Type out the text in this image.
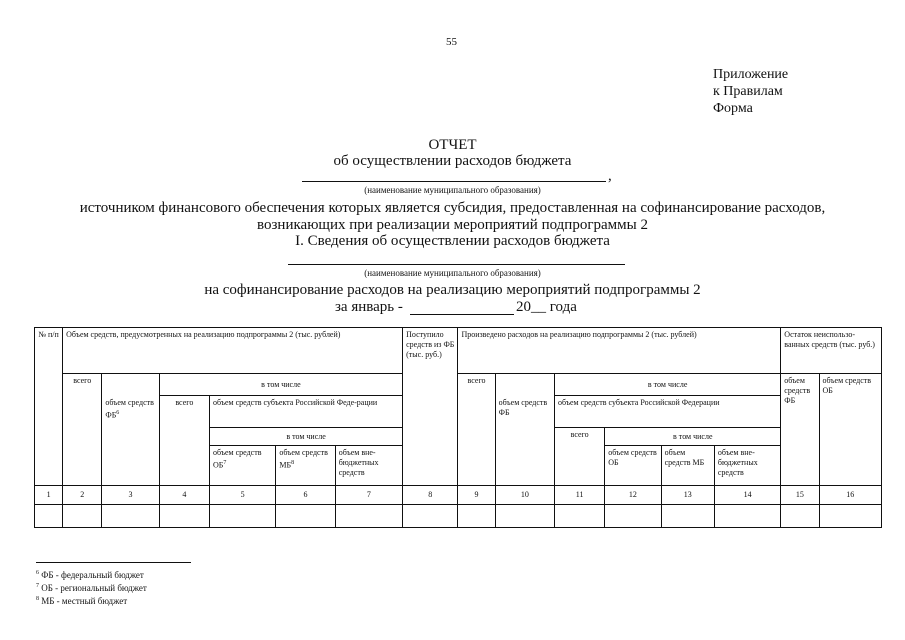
55
Приложение
к Правилам
Форма
ОТЧЕТ
об осуществлении расходов бюджета
,
(наименование муниципального образования)
источником финансового обеспечения которых является субсидия, предоставленная на софинансирование расходов,
возникающих при реализации мероприятий подпрограммы 2
I. Сведения об осуществлении расходов бюджета
(наименование муниципального образования)
на софинансирование расходов на реализацию мероприятий подпрограммы 2
за январь -	20__ года
№ п/п	Объем средств, предусмотренных на реализацию подпрограммы 2 (тыс. рублей)						Поступило средств из ФБ (тыс. руб.)	Произведено расходов на реализацию подпрограммы 2 (тыс. рублей)						Остаток неиспользо-ванных средств (тыс. руб.)	
	всего		в том числе					всего		в том числе				объем средств ФБ	объем средств ОБ
		объем средств $ФБ^6$	всего	объем средств субъекта Российской Феде-рации					объем средств ФБ	объем средств субъекта Российской Федерации					
				в том числе						всего	в том числе				
				объем средств $ОБ^7$	объем средств $МБ^8$	объем вне-бюджетных средств					объем средств ОБ	объем средств МБ	объем вне-бюджетных средств		
1	2	3	4	5	6	7	8	9	10	11	12	13	14	15	16

$^6$ ФБ - федеральный бюджет
$^7$ ОБ - региональный бюджет
$^8$ МБ - местный бюджет
